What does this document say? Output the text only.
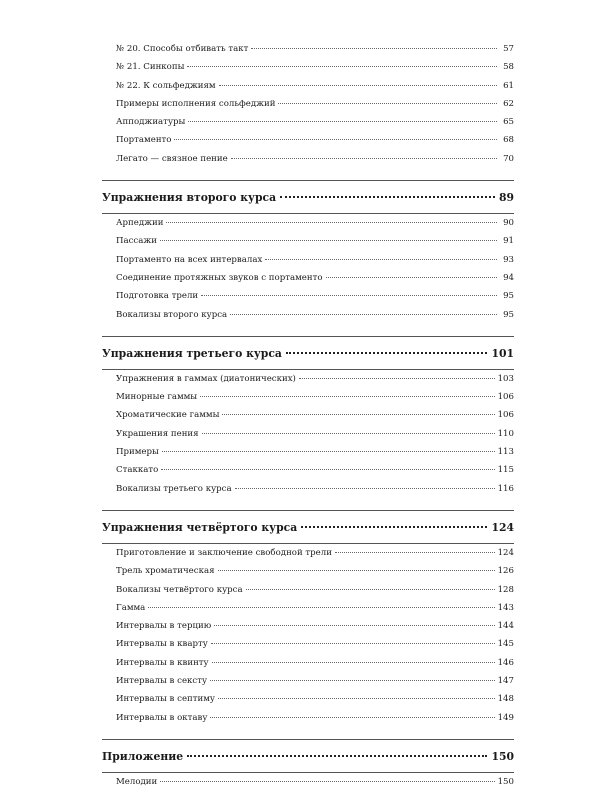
№ 20. Способы отбивать такт	57
№ 21. Синкопы	58
№ 22. К сольфеджиям	61
Примеры исполнения сольфеджий	62
Апподжиатуры	65
Портаменто	68
Легато — связное пение	70
Упражнения второго курса	89
Арпеджии	90
Пассажи	91
Портаменто на всех интервалах	93
Соединение протяжных звуков с портаменто	94
Подготовка трели	95
Вокализы второго курса	95
Упражнения третьего курса	101
Упражнения в гаммах (диатонических)	103
Минорные гаммы	106
Хроматические гаммы	106
Украшения пения	110
Примеры	113
Стаккато	115
Вокализы третьего курса	116
Упражнения четвёртого курса	124
Приготовление и заключение свободной трели	124
Трель хроматическая	126
Вокализы четвёртого курса	128
Гамма	143
Интервалы в терцию	144
Интервалы в кварту	145
Интервалы в квинту	146
Интервалы в сексту	147
Интервалы в септиму	148
Интервалы в октаву	149
Приложение	150
Мелодии	150
